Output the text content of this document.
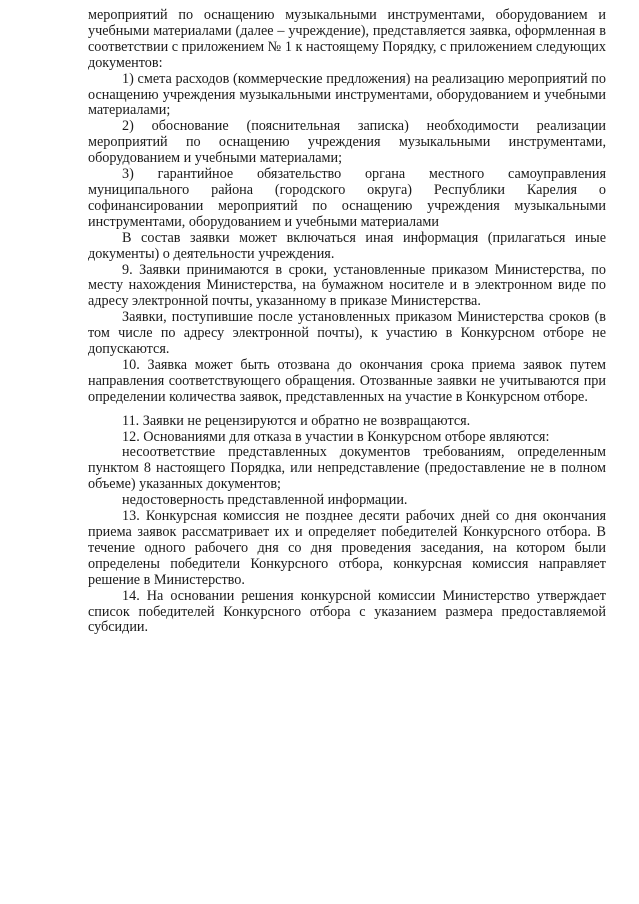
мероприятий по оснащению музыкальными инструментами, оборудованием и учебными материалами (далее – учреждение), представляется заявка, оформленная в соответствии с приложением № 1 к настоящему Порядку, с приложением следующих документов:

1) смета расходов (коммерческие предложения) на реализацию мероприятий по оснащению учреждения музыкальными инструментами, оборудованием и учебными материалами;

2) обоснование (пояснительная записка) необходимости реализации мероприятий по оснащению учреждения музыкальными инструментами, оборудованием и учебными материалами;

3) гарантийное обязательство органа местного самоуправления муниципального района (городского округа) Республики Карелия о софинансировании мероприятий по оснащению учреждения музыкальными инструментами, оборудованием и учебными материалами

В состав заявки может включаться иная информация (прилагаться иные документы) о деятельности учреждения.

9. Заявки принимаются в сроки, установленные приказом Министерства, по месту нахождения Министерства, на бумажном носителе и в электронном виде по адресу электронной почты, указанному в приказе Министерства.

Заявки, поступившие после установленных приказом Министерства сроков (в том числе по адресу электронной почты), к участию в Конкурсном отборе не допускаются.

10. Заявка может быть отозвана до окончания срока приема заявок путем направления соответствующего обращения. Отозванные заявки не учитываются при определении количества заявок, представленных на участие в Конкурсном отборе.

11. Заявки не рецензируются и обратно не возвращаются.

12. Основаниями для отказа в участии в Конкурсном отборе являются:

несоответствие представленных документов требованиям, определенным пунктом 8 настоящего Порядка, или непредставление (предоставление не в полном объеме) указанных документов;

недостоверность представленной информации.

13. Конкурсная комиссия не позднее десяти рабочих дней со дня окончания приема заявок рассматривает их и определяет победителей Конкурсного отбора. В течение одного рабочего дня со дня проведения заседания, на котором были определены победители Конкурсного отбора, конкурсная комиссия направляет решение в Министерство.

14. На основании решения конкурсной комиссии Министерство утверждает список победителей Конкурсного отбора с указанием размера предоставляемой субсидии.
